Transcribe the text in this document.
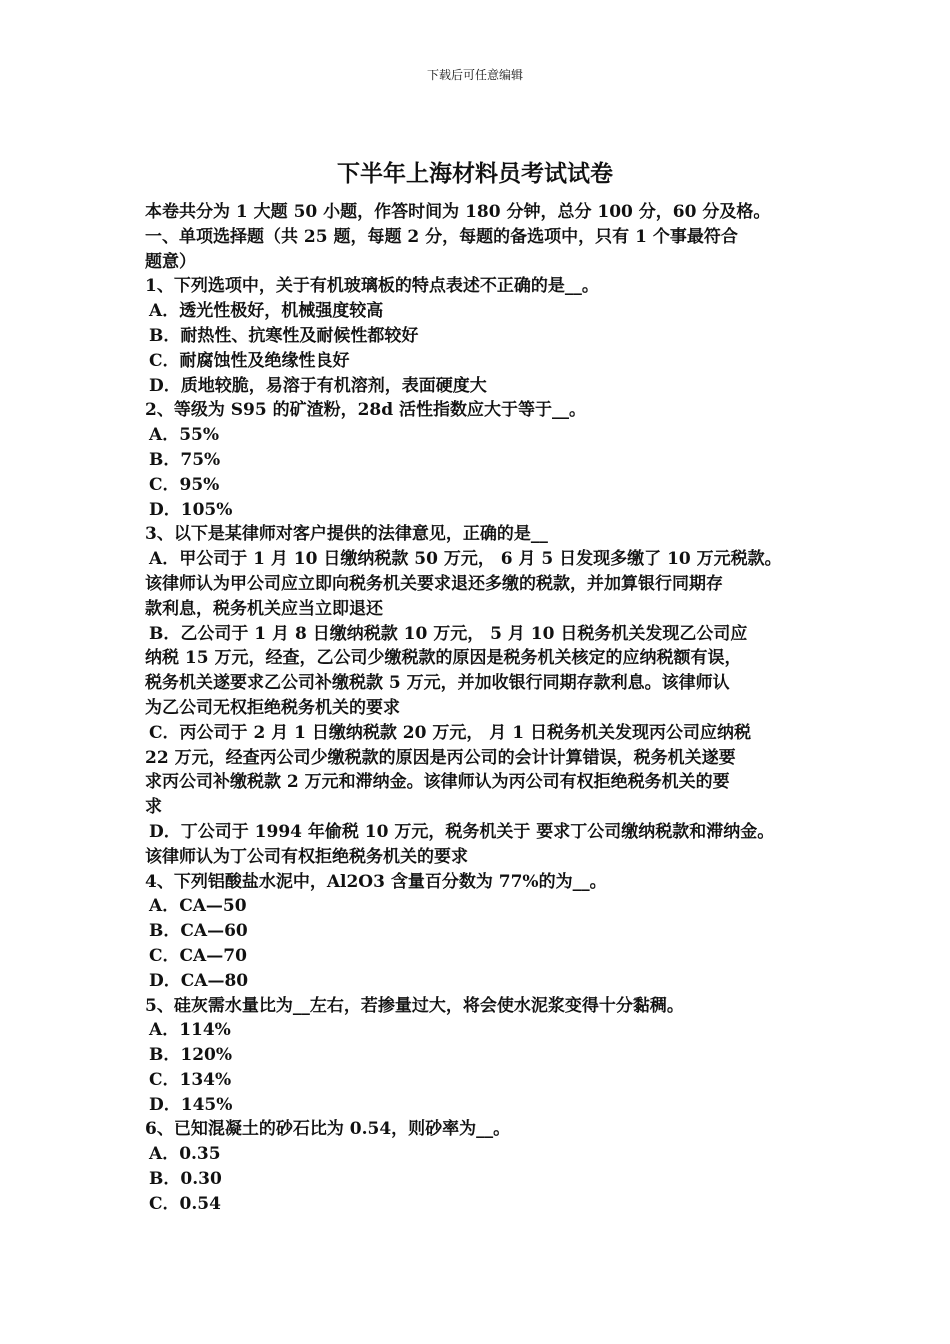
下载后可任意编辑
下半年上海材料员考试试卷
本卷共分为 1 大题 50 小题，作答时间为 180 分钟，总分 100 分，60 分及格。
一、单项选择题（共 25 题，每题 2 分，每题的备选项中，只有 1 个事最符合
题意）
1、下列选项中，关于有机玻璃板的特点表述不正确的是__。
A．透光性极好，机械强度较高
B．耐热性、抗寒性及耐候性都较好
C．耐腐蚀性及绝缘性良好
D．质地较脆，易溶于有机溶剂，表面硬度大
2、等级为 S95 的矿渣粉，28d 活性指数应大于等于__。
A．55%
B．75%
C．95%
D．105%
3、以下是某律师对客户提供的法律意见，正确的是__
A．甲公司于 1 月 10 日缴纳税款 50 万元， 6 月 5 日发现多缴了 10 万元税款。
该律师认为甲公司应立即向税务机关要求退还多缴的税款，并加算银行同期存
款利息，税务机关应当立即退还
B．乙公司于 1 月 8 日缴纳税款 10 万元， 5 月 10 日税务机关发现乙公司应
纳税 15 万元，经查，乙公司少缴税款的原因是税务机关核定的应纳税额有误，
税务机关遂要求乙公司补缴税款 5 万元，并加收银行同期存款利息。该律师认
为乙公司无权拒绝税务机关的要求
C．丙公司于 2 月 1 日缴纳税款 20 万元， 月 1 日税务机关发现丙公司应纳税
22 万元，经查丙公司少缴税款的原因是丙公司的会计计算错误，税务机关遂要
求丙公司补缴税款 2 万元和滞纳金。该律师认为丙公司有权拒绝税务机关的要
求
D．丁公司于 1994 年偷税 10 万元，税务机关于 要求丁公司缴纳税款和滞纳金。
该律师认为丁公司有权拒绝税务机关的要求
4、下列铝酸盐水泥中，Al2O3 含量百分数为 77%的为__。
A．CA—50
B．CA—60
C．CA—70
D．CA—80
5、硅灰需水量比为__左右，若掺量过大，将会使水泥浆变得十分黏稠。
A．114%
B．120%
C．134%
D．145%
6、已知混凝土的砂石比为 0.54，则砂率为__。
A．0.35
B．0.30
C．0.54
